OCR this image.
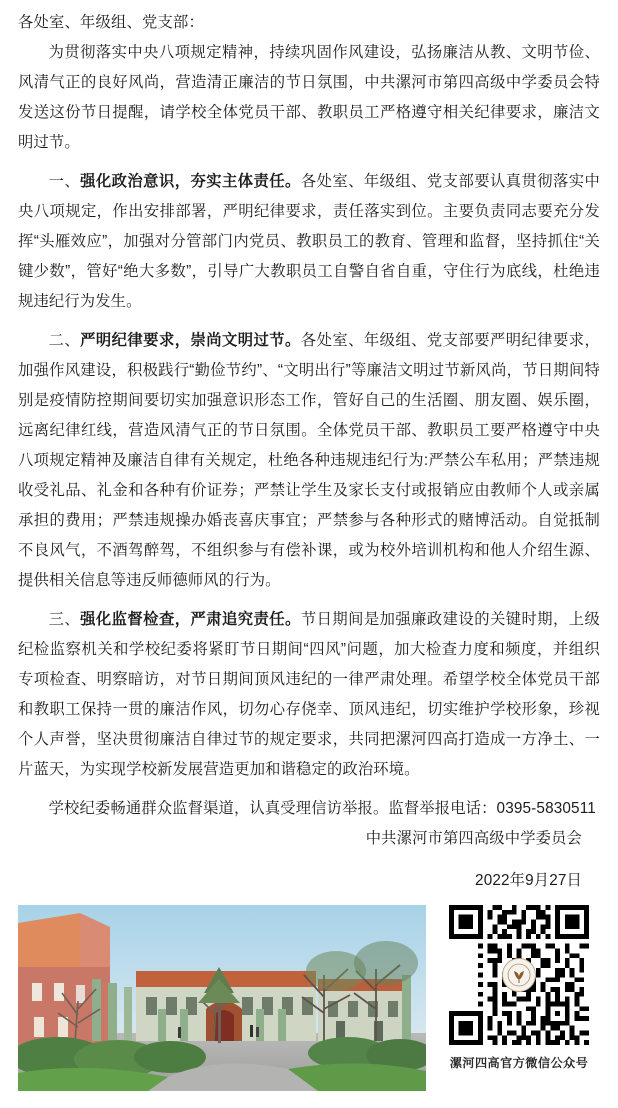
各处室、年级组、党支部：

为贯彻落实中央八项规定精神，持续巩固作风建设，弘扬廉洁从教、文明节俭、风清气正的良好风尚，营造清正廉洁的节日氛围，中共漯河市第四高级中学委员会特发送这份节日提醒，请学校全体党员干部、教职员工严格遵守相关纪律要求，廉洁文明过节。

一、强化政治意识，夯实主体责任。各处室、年级组、党支部要认真贯彻落实中央八项规定，作出安排部署，严明纪律要求，责任落实到位。主要负责同志要充分发挥“头雁效应”，加强对分管部门内党员、教职员工的教育、管理和监督，坚持抓住“关键少数”，管好“绝大多数”，引导广大教职员工自警自省自重，守住行为底线，杜绝违规违纪行为发生。

二、严明纪律要求，崇尚文明过节。各处室、年级组、党支部要严明纪律要求，加强作风建设，积极践行“勤俭节约”、“文明出行”等廉洁文明过节新风尚，节日期间特别是疫情防控期间要切实加强意识形态工作，管好自己的生活圈、朋友圈、娱乐圈，远离纪律红线，营造风清气正的节日氛围。全体党员干部、教职员工要严格遵守中央八项规定精神及廉洁自律有关规定，杜绝各种违规违纪行为:严禁公车私用；严禁违规收受礼品、礼金和各种有价证券；严禁让学生及家长支付或报销应由教师个人或亲属承担的费用；严禁违规操办婚丧喜庆事宜；严禁参与各种形式的赌博活动。自觉抵制不良风气，不酒驾醉驾，不组织参与有偿补课，或为校外培训机构和他人介绍生源、提供相关信息等违反师德师风的行为。

三、强化监督检查，严肃追究责任。节日期间是加强廉政建设的关键时期，上级纪检监察机关和学校纪委将紧盯节日期间“四风”问题，加大检查力度和频度，并组织专项检查、明察暗访，对节日期间顶风违纪的一律严肃处理。希望学校全体党员干部和教职工保持一贯的廉洁作风，切勿心存侥幸、顶风违纪，切实维护学校形象，珍视个人声誉，坚决贯彻廉洁自律过节的规定要求，共同把漯河四高打造成一方净土、一片蓝天，为实现学校新发展营造更加和谐稳定的政治环境。

学校纪委畅通群众监督渠道，认真受理信访举报。监督举报电话：0395-5830511
中共漯河市第四高级中学委员会
2022年9月27日
漯河四高官方微信公众号
